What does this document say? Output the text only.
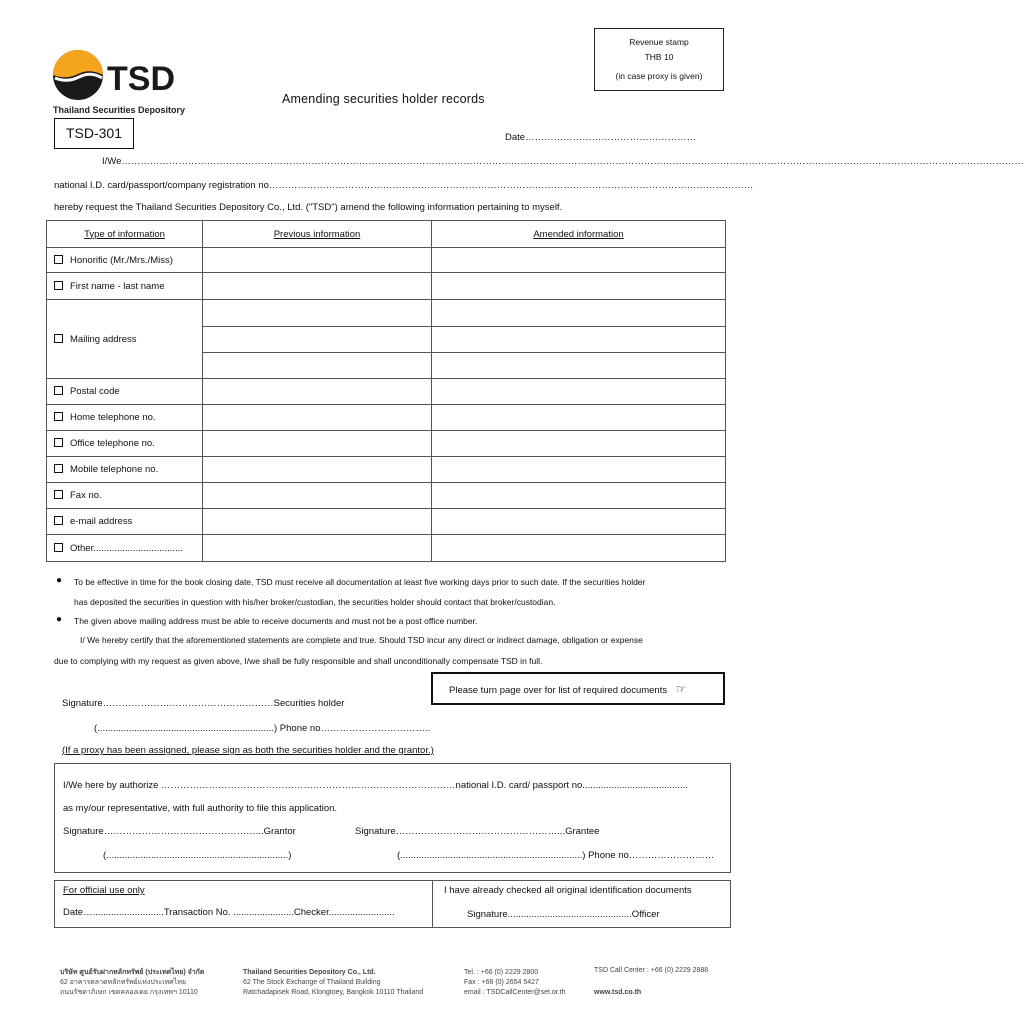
TSD
Thailand Securities Depository
Revenue stamp
THB 10
(in case proxy is given)
Amending securities holder records
TSD-301	Date………………………………………………
I/We……………………………………………………………………………………………………………………………………………………………………………………………………………………………………………………………
national I.D. card/passport/company registration no………………………………………………………………………………………………………………………………………
hereby request the Thailand Securities Depository Co., Ltd. ("TSD") amend the following information pertaining to myself.
Type of information	Previous information	Amended information
Honorific (Mr./Mrs./Miss)		
First name - last name		
Mailing address		

Postal code		
Home telephone no.		
Office telephone no.		
Mobile telephone no.		
Fax no.		
e-mail address		
Other..................................		
● To be effective in time for the book closing date, TSD must receive all documentation at least five working days prior to such date. If the securities holder
has deposited the securities in question with his/her broker/custodian, the securities holder should contact that broker/custodian.
● The given above mailing address must be able to receive documents and must not be a post office number.
I/ We hereby certify that the aforementioned statements are complete and true. Should TSD incur any direct or indirect damage, obligation or expense
due to complying with my request as given above, I/we shall be fully responsible and shall unconditionally compensate TSD in full.
Please turn page over for list of required documents ☞
Signature………………………………………………Securities holder
(...................................................................) Phone no……………………………..
(If a proxy has been assigned, please sign as both the securities holder and the grantor.)
I/We here by authorize …………………………………………………………………………………national I.D. card/ passport no........................................
as my/our representative, with full authority to file this application.
Signature…………………………………………...Grantor	Signature……………………………………………...Grantee
(.....................................................................)	(.....................................................................) Phone no………………………
For official use only
Date…...........................Transaction No. .......................Checker.........................
I have already checked all original identification documents
Signature...............................................Officer
บริษัท ศูนย์รับฝากหลักทรัพย์ (ประเทศไทย) จำกัด
62 อาคารตลาดหลักทรัพย์แห่งประเทศไทย
ถนนรัชดาภิเษก เขตคลองเตย กรุงเทพฯ 10110
Thailand Securities Depository Co., Ltd.
62 The Stock Exchange of Thailand Building
Ratchadapisek Road, Klongtoey, Bangkok 10110 Thailand
Tel. : +66 (0) 2229 2800
Fax : +66 (0) 2654 5427
email : TSDCallCenter@set.or.th
TSD Call Center : +66 (0) 2229 2888
www.tsd.co.th
